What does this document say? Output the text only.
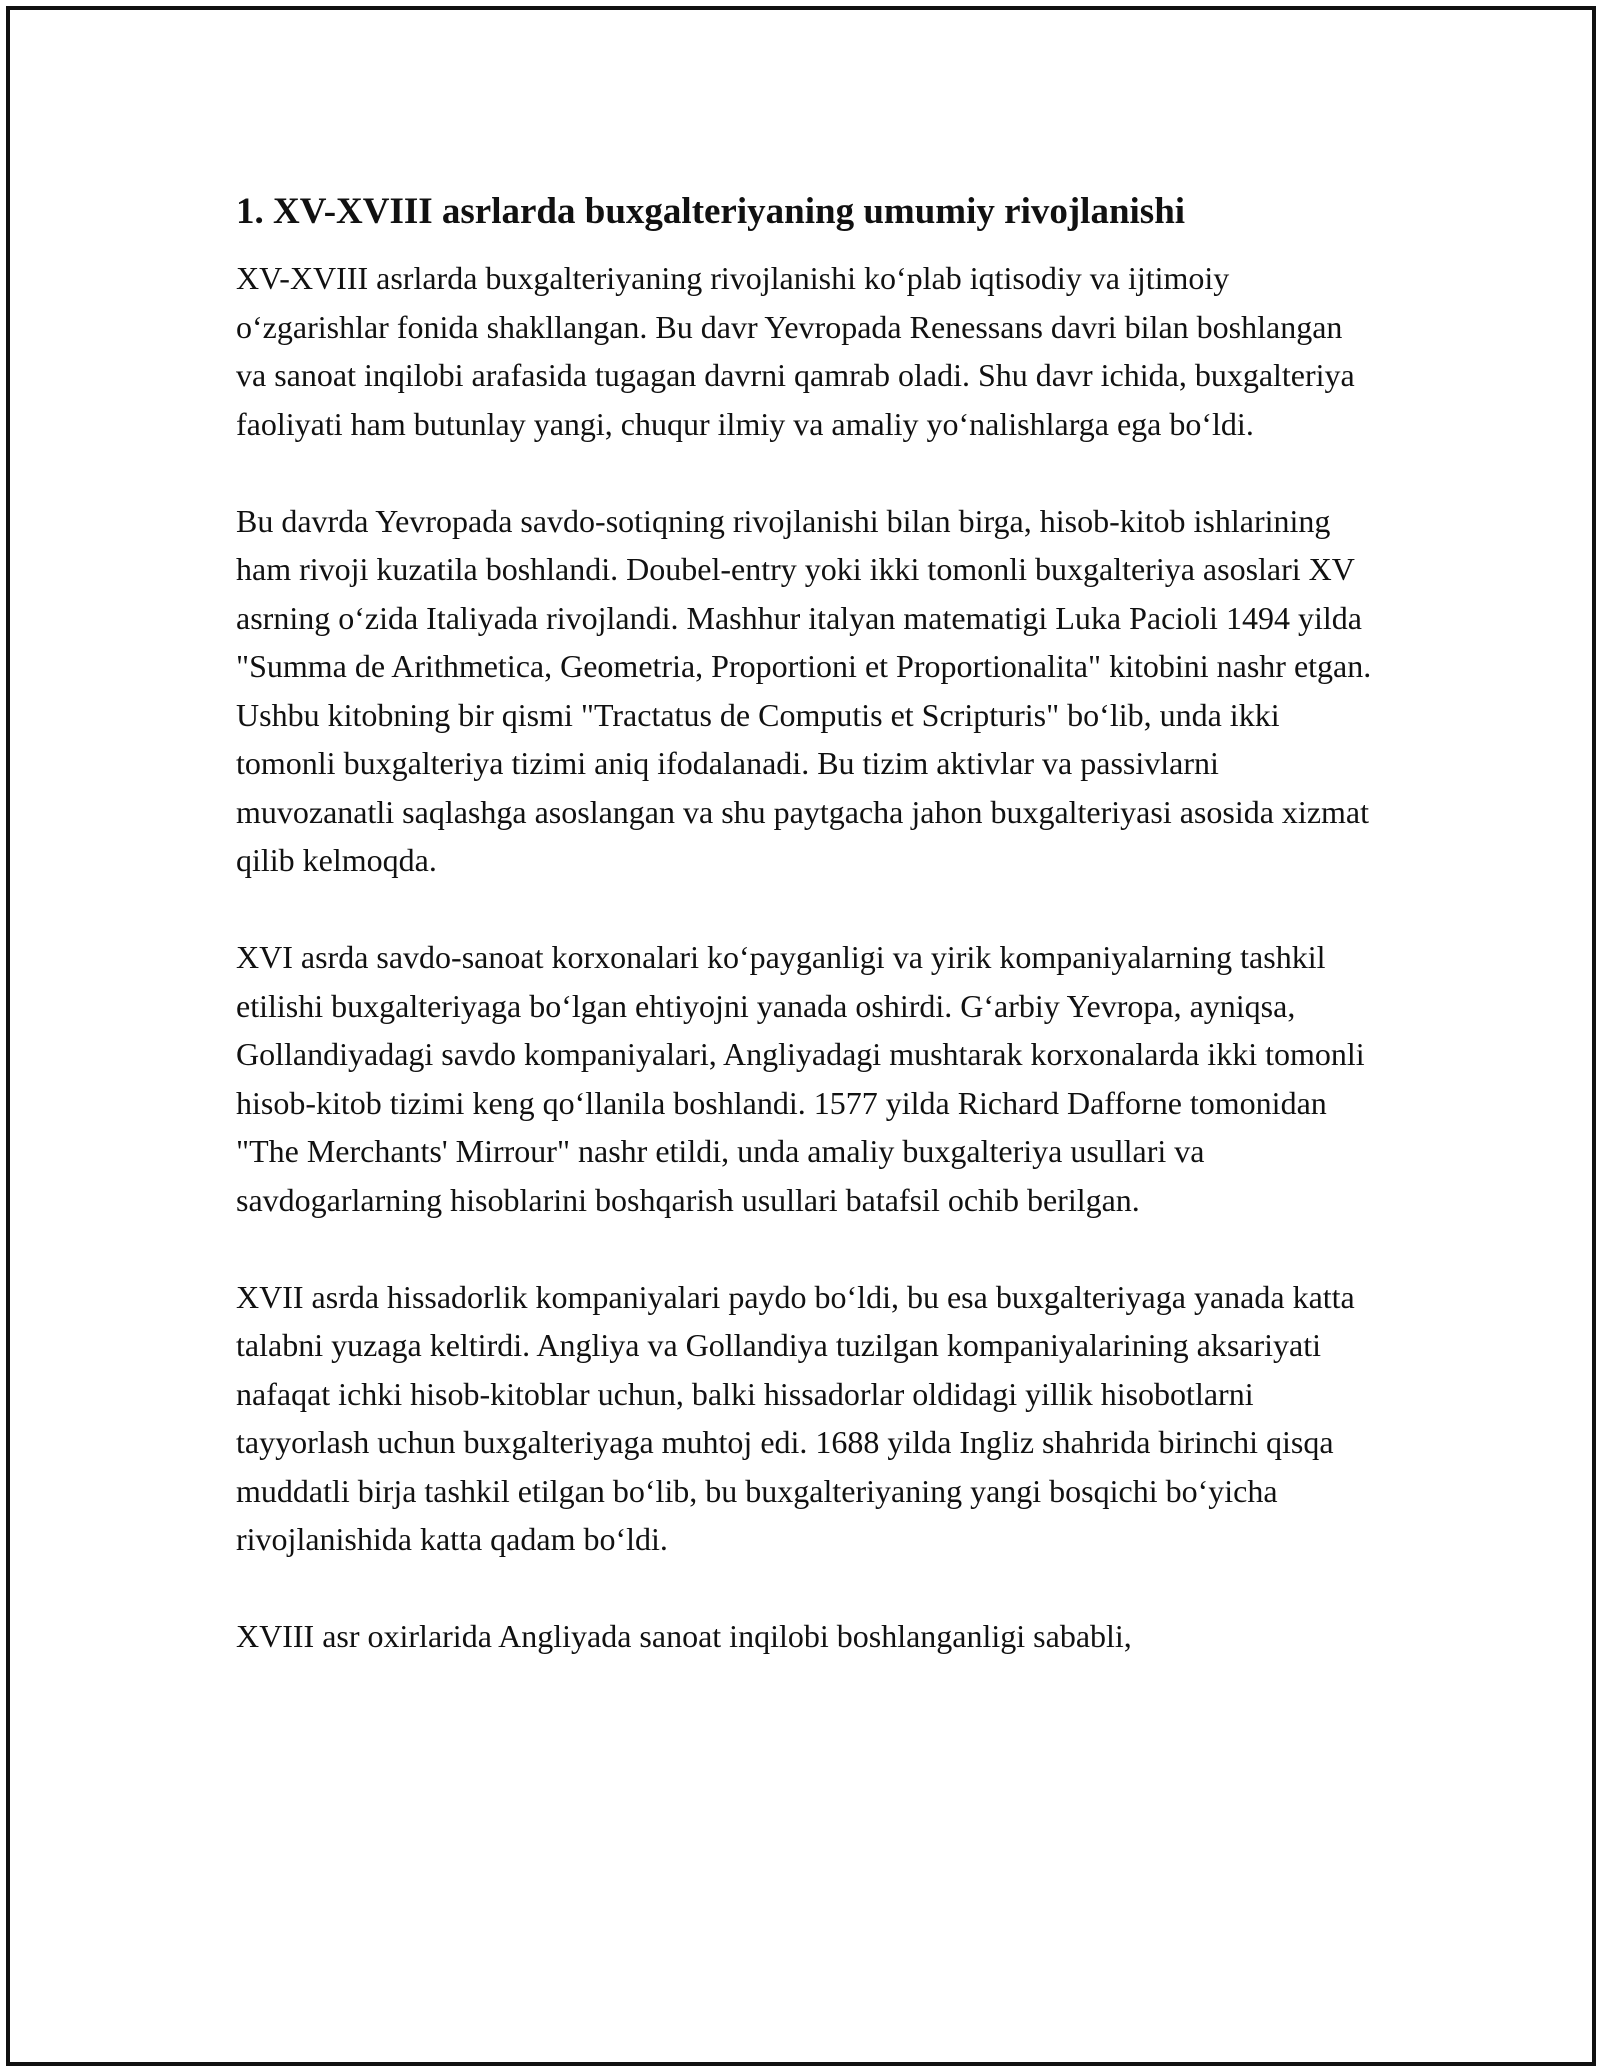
1. XV-XVIII asrlarda buxgalteriyaning umumiy rivojlanishi

XV-XVIII asrlarda buxgalteriyaning rivojlanishi ko‘plab iqtisodiy va ijtimoiy o‘zgarishlar fonida shakllangan. Bu davr Yevropada Renessans davri bilan boshlangan va sanoat inqilobi arafasida tugagan davrni qamrab oladi. Shu davr ichida, buxgalteriya faoliyati ham butunlay yangi, chuqur ilmiy va amaliy yo‘nalishlarga ega bo‘ldi.

Bu davrda Yevropada savdo-sotiqning rivojlanishi bilan birga, hisob-kitob ishlarining ham rivoji kuzatila boshlandi. Doubel-entry yoki ikki tomonli buxgalteriya asoslari XV asrning o‘zida Italiyada rivojlandi. Mashhur italyan matematigi Luka Pacioli 1494 yilda "Summa de Arithmetica, Geometria, Proportioni et Proportionalita" kitobini nashr etgan. Ushbu kitobning bir qismi "Tractatus de Computis et Scripturis" bo‘lib, unda ikki tomonli buxgalteriya tizimi aniq ifodalanadi. Bu tizim aktivlar va passivlarni muvozanatli saqlashga asoslangan va shu paytgacha jahon buxgalteriyasi asosida xizmat qilib kelmoqda.

XVI asrda savdo-sanoat korxonalari ko‘payganligi va yirik kompaniyalarning tashkil etilishi buxgalteriyaga bo‘lgan ehtiyojni yanada oshirdi. G‘arbiy Yevropa, ayniqsa, Gollandiyadagi savdo kompaniyalari, Angliyadagi mushtarak korxonalarda ikki tomonli hisob-kitob tizimi keng qo‘llanila boshlandi. 1577 yilda Richard Dafforne tomonidan "The Merchants' Mirrour" nashr etildi, unda amaliy buxgalteriya usullari va savdogarlarning hisoblarini boshqarish usullari batafsil ochib berilgan.

XVII asrda hissadorlik kompaniyalari paydo bo‘ldi, bu esa buxgalteriyaga yanada katta talabni yuzaga keltirdi. Angliya va Gollandiya tuzilgan kompaniyalarining aksariyati nafaqat ichki hisob-kitoblar uchun, balki hissadorlar oldidagi yillik hisobotlarni tayyorlash uchun buxgalteriyaga muhtoj edi. 1688 yilda Ingliz shahrida birinchi qisqa muddatli birja tashkil etilgan bo‘lib, bu buxgalteriyaning yangi bosqichi bo‘yicha rivojlanishida katta qadam bo‘ldi.

XVIII asr oxirlarida Angliyada sanoat inqilobi boshlanganligi sababli,
